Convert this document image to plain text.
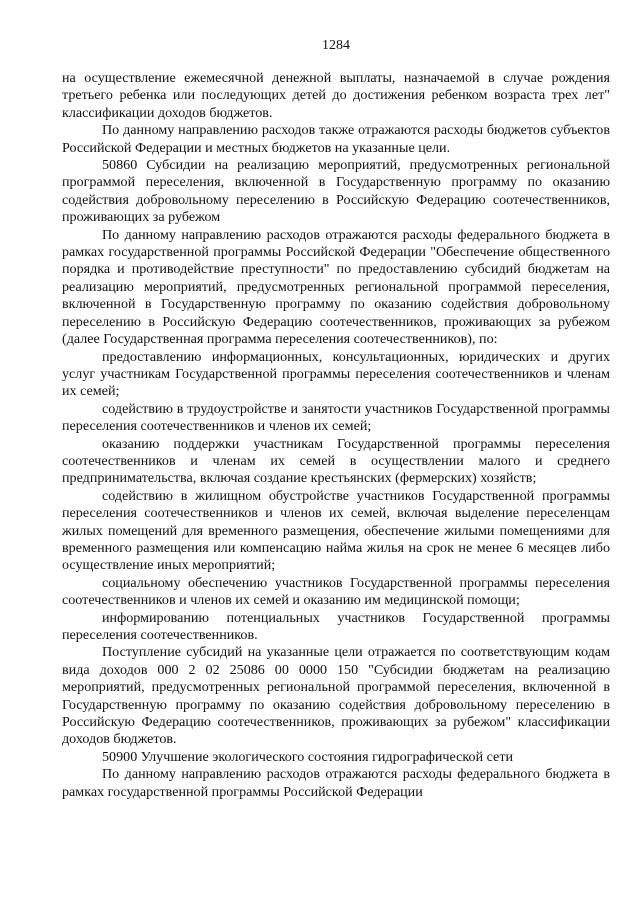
1284

на осуществление ежемесячной денежной выплаты, назначаемой в случае рождения третьего ребенка или последующих детей до достижения ребенком возраста трех лет" классификации доходов бюджетов.

По данному направлению расходов также отражаются расходы бюджетов субъектов Российской Федерации и местных бюджетов на указанные цели.

50860 Субсидии на реализацию мероприятий, предусмотренных региональной программой переселения, включенной в Государственную программу по оказанию содействия добровольному переселению в Российскую Федерацию соотечественников, проживающих за рубежом

По данному направлению расходов отражаются расходы федерального бюджета в рамках государственной программы Российской Федерации "Обеспечение общественного порядка и противодействие преступности" по предоставлению субсидий бюджетам на реализацию мероприятий, предусмотренных региональной программой переселения, включенной в Государственную программу по оказанию содействия добровольному переселению в Российскую Федерацию соотечественников, проживающих за рубежом (далее Государственная программа переселения соотечественников), по:

предоставлению информационных, консультационных, юридических и других услуг участникам Государственной программы переселения соотечественников и членам их семей;

содействию в трудоустройстве и занятости участников Государственной программы переселения соотечественников и членов их семей;

оказанию поддержки участникам Государственной программы переселения соотечественников и членам их семей в осуществлении малого и среднего предпринимательства, включая создание крестьянских (фермерских) хозяйств;

содействию в жилищном обустройстве участников Государственной программы переселения соотечественников и членов их семей, включая выделение переселенцам жилых помещений для временного размещения, обеспечение жилыми помещениями для временного размещения или компенсацию найма жилья на срок не менее 6 месяцев либо осуществление иных мероприятий;

социальному обеспечению участников Государственной программы переселения соотечественников и членов их семей и оказанию им медицинской помощи;

информированию потенциальных участников Государственной программы переселения соотечественников.

Поступление субсидий на указанные цели отражается по соответствующим кодам вида доходов 000 2 02 25086 00 0000 150 "Субсидии бюджетам на реализацию мероприятий, предусмотренных региональной программой переселения, включенной в Государственную программу по оказанию содействия добровольному переселению в Российскую Федерацию соотечественников, проживающих за рубежом" классификации доходов бюджетов.

50900 Улучшение экологического состояния гидрографической сети

По данному направлению расходов отражаются расходы федерального бюджета в рамках государственной программы Российской Федерации
